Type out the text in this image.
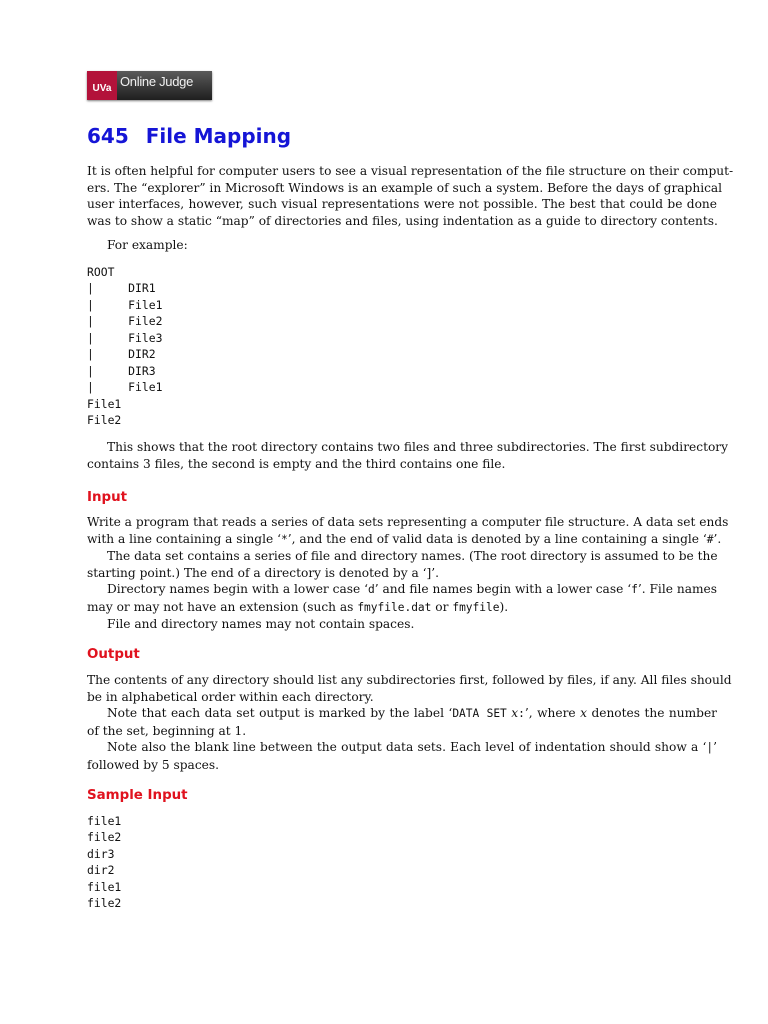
UVa Online Judge
645 File Mapping

It is often helpful for computer users to see a visual representation of the file structure on their comput-
ers. The “explorer” in Microsoft Windows is an example of such a system. Before the days of graphical
user interfaces, however, such visual representations were not possible. The best that could be done
was to show a static “map” of directories and files, using indentation as a guide to directory contents.

For example:

ROOT
|     DIR1
|     File1
|     File2
|     File3
|     DIR2
|     DIR3
|     File1
File1
File2

This shows that the root directory contains two files and three subdirectories. The first subdirectory
contains 3 files, the second is empty and the third contains one file.

Input

Write a program that reads a series of data sets representing a computer file structure. A data set ends
with a line containing a single ‘*’, and the end of valid data is denoted by a line containing a single ‘#’.
The data set contains a series of file and directory names. (The root directory is assumed to be the
starting point.) The end of a directory is denoted by a ‘]’.
Directory names begin with a lower case ‘d’ and file names begin with a lower case ‘f’. File names
may or may not have an extension (such as fmyfile.dat or fmyfile).
File and directory names may not contain spaces.

Output

The contents of any directory should list any subdirectories first, followed by files, if any. All files should
be in alphabetical order within each directory.
Note that each data set output is marked by the label ‘DATA SET x:’, where x denotes the number
of the set, beginning at 1.
Note also the blank line between the output data sets. Each level of indentation should show a ‘|’
followed by 5 spaces.

Sample Input
file1
file2
dir3
dir2
file1
file2
